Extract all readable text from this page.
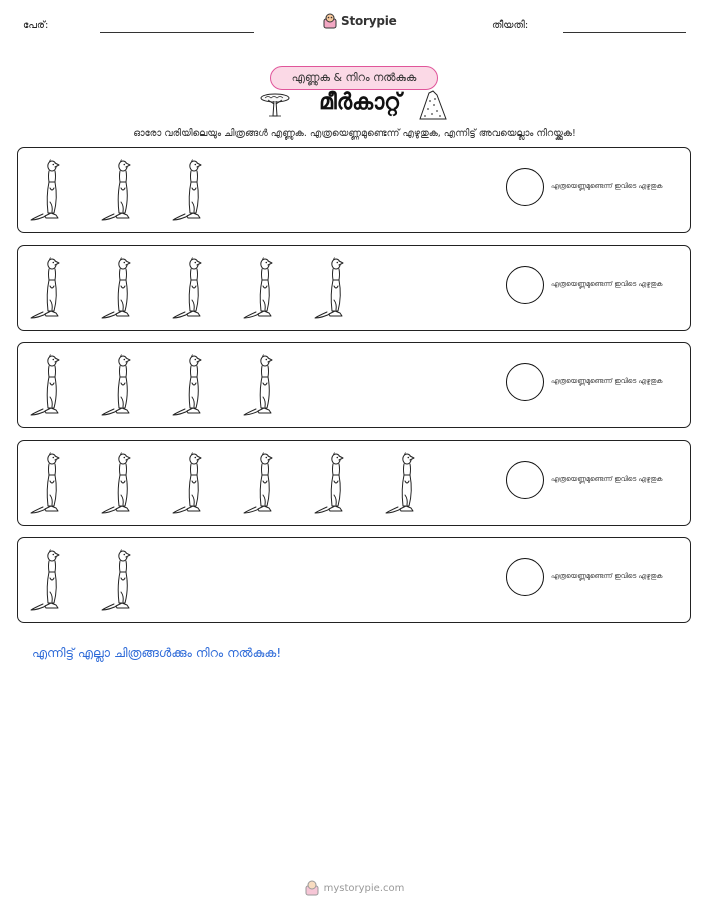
പേര്:	Storypie	തീയതി:
എണ്ണുക & നിറം നൽകുക
മീർകാറ്റ്
ഓരോ വരിയിലെയും ചിത്രങ്ങൾ എണ്ണുക. എത്രയെണ്ണമുണ്ടെന്ന് എഴുതുക, എന്നിട്ട് അവയെല്ലാം നിറയ്ക്കുക!
എത്രയെണ്ണമുണ്ടെന്ന് ഇവിടെ എഴുതുക
എത്രയെണ്ണമുണ്ടെന്ന് ഇവിടെ എഴുതുക
എത്രയെണ്ണമുണ്ടെന്ന് ഇവിടെ എഴുതുക
എത്രയെണ്ണമുണ്ടെന്ന് ഇവിടെ എഴുതുക
എത്രയെണ്ണമുണ്ടെന്ന് ഇവിടെ എഴുതുക
എന്നിട്ട് എല്ലാ ചിത്രങ്ങൾക്കും നിറം നൽകുക!
mystorypie.com
